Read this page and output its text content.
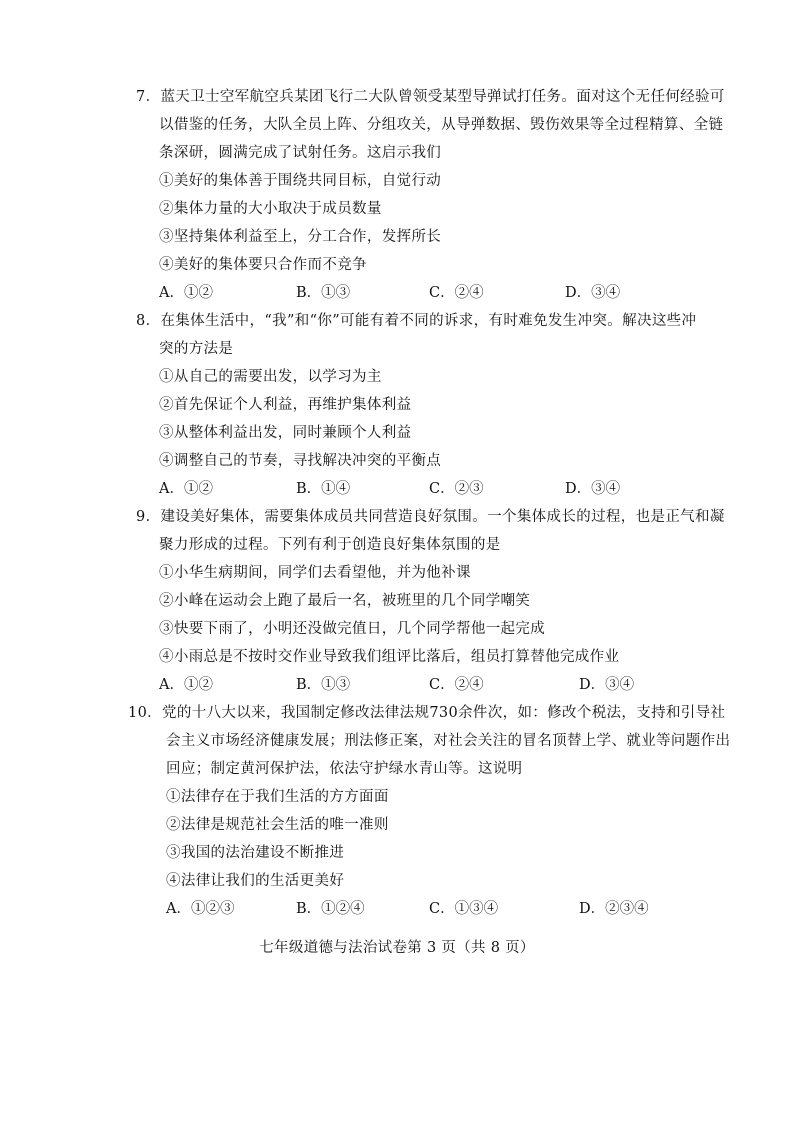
7．蓝天卫士空军航空兵某团飞行二大队曾领受某型导弹试打任务。面对这个无任何经验可
以借鉴的任务，大队全员上阵、分组攻关，从导弹数据、毁伤效果等全过程精算、全链
条深研，圆满完成了试射任务。这启示我们
①美好的集体善于围绕共同目标，自觉行动
②集体力量的大小取决于成员数量
③坚持集体利益至上，分工合作，发挥所长
④美好的集体要只合作而不竞争
A．①②	B．①③	C．②④	D．③④
8．在集体生活中，“我”和“你”可能有着不同的诉求，有时难免发生冲突。解决这些冲
突的方法是
①从自己的需要出发，以学习为主
②首先保证个人利益，再维护集体利益
③从整体利益出发，同时兼顾个人利益
④调整自己的节奏，寻找解决冲突的平衡点
A．①②	B．①④	C．②③	D．③④
9．建设美好集体，需要集体成员共同营造良好氛围。一个集体成长的过程，也是正气和凝
聚力形成的过程。下列有利于创造良好集体氛围的是
①小华生病期间，同学们去看望他，并为他补课
②小峰在运动会上跑了最后一名，被班里的几个同学嘲笑
③快要下雨了，小明还没做完值日，几个同学帮他一起完成
④小雨总是不按时交作业导致我们组评比落后，组员打算替他完成作业
A．①②	B．①③	C．②④	D．③④
10．党的十八大以来，我国制定修改法律法规730余件次，如：修改个税法，支持和引导社
会主义市场经济健康发展；刑法修正案，对社会关注的冒名顶替上学、就业等问题作出
回应；制定黄河保护法，依法守护绿水青山等。这说明
①法律存在于我们生活的方方面面
②法律是规范社会生活的唯一准则
③我国的法治建设不断推进
④法律让我们的生活更美好
A．①②③	B．①②④	C．①③④	D．②③④
七年级道德与法治试卷第 3 页（共 8 页）
